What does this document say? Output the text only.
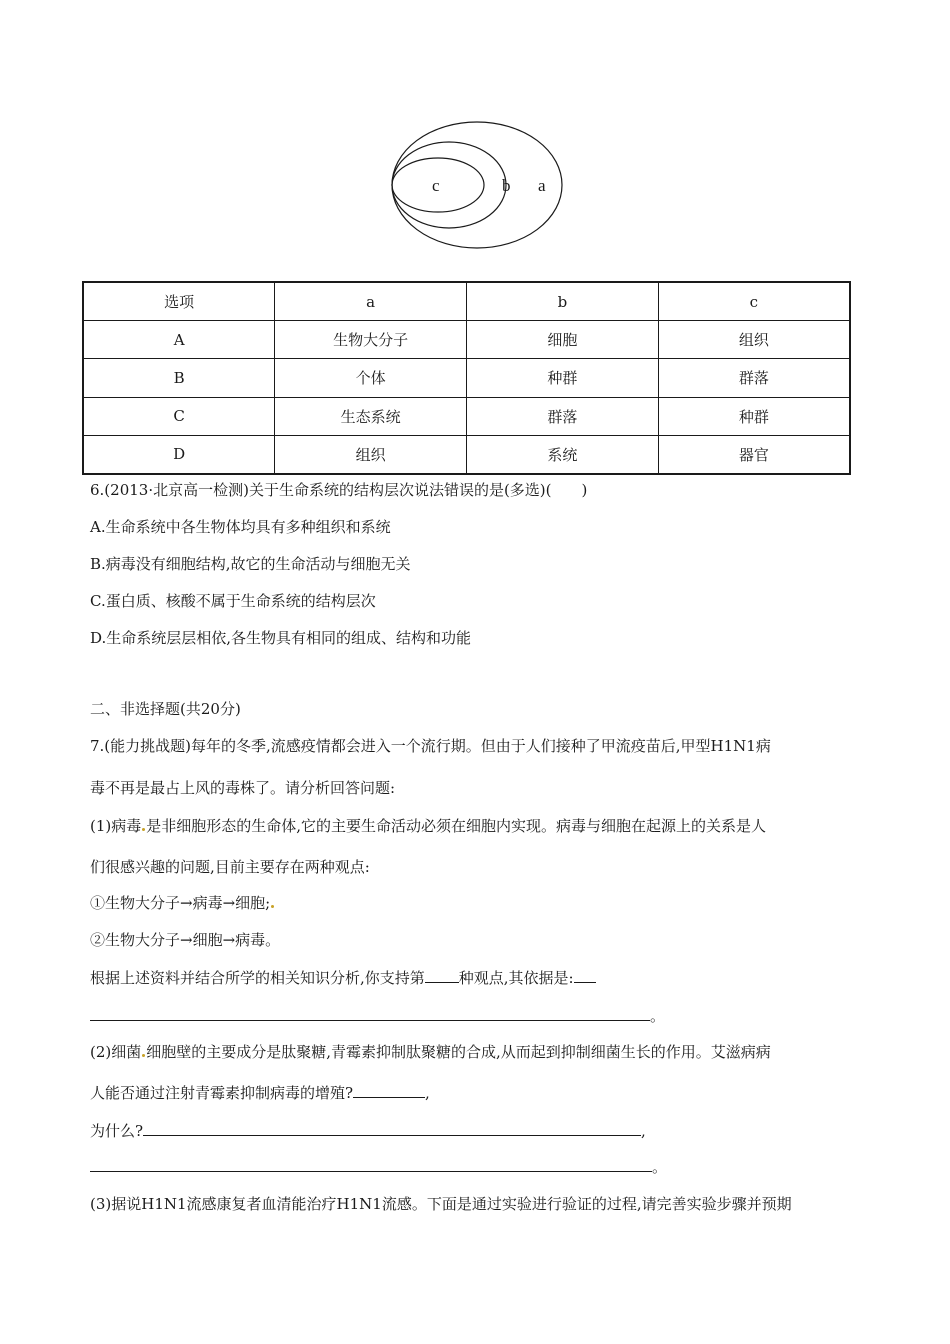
c	b a
选项	a	b	c
A	生物大分子	细胞	组织
B	个体	种群	群落
C	生态系统	群落	种群
D	组织	系统	器官
6.(2013·北京高一检测)关于生命系统的结构层次说法错误的是(多选)(　　)
A.生命系统中各生物体均具有多种组织和系统
B.病毒没有细胞结构,故它的生命活动与细胞无关
C.蛋白质、核酸不属于生命系统的结构层次
D.生命系统层层相依,各生物具有相同的组成、结构和功能
二、非选择题(共20分)
7.(能力挑战题)每年的冬季,流感疫情都会进入一个流行期。但由于人们接种了甲流疫苗后,甲型H1N1病
毒不再是最占上风的毒株了。请分析回答问题:
(1)病毒 是非细胞形态的生命体,它的主要生命活动必须在细胞内实现。病毒与细胞在起源上的关系是人
们很感兴趣的问题,目前主要存在两种观点:
①生物大分子→病毒→细胞;
②生物大分子→细胞→病毒。
根据上述资料并结合所学的相关知识分析,你支持第 种观点,其依据是:
。
(2)细菌 细胞壁的主要成分是肽聚糖,青霉素抑制肽聚糖的合成,从而起到抑制细菌生长的作用。艾滋病病
人能否通过注射青霉素抑制病毒的增殖?	,
为什么?	,
。
(3)据说H1N1流感康复者血清能治疗H1N1流感。下面是通过实验进行验证的过程,请完善实验步骤并预期
